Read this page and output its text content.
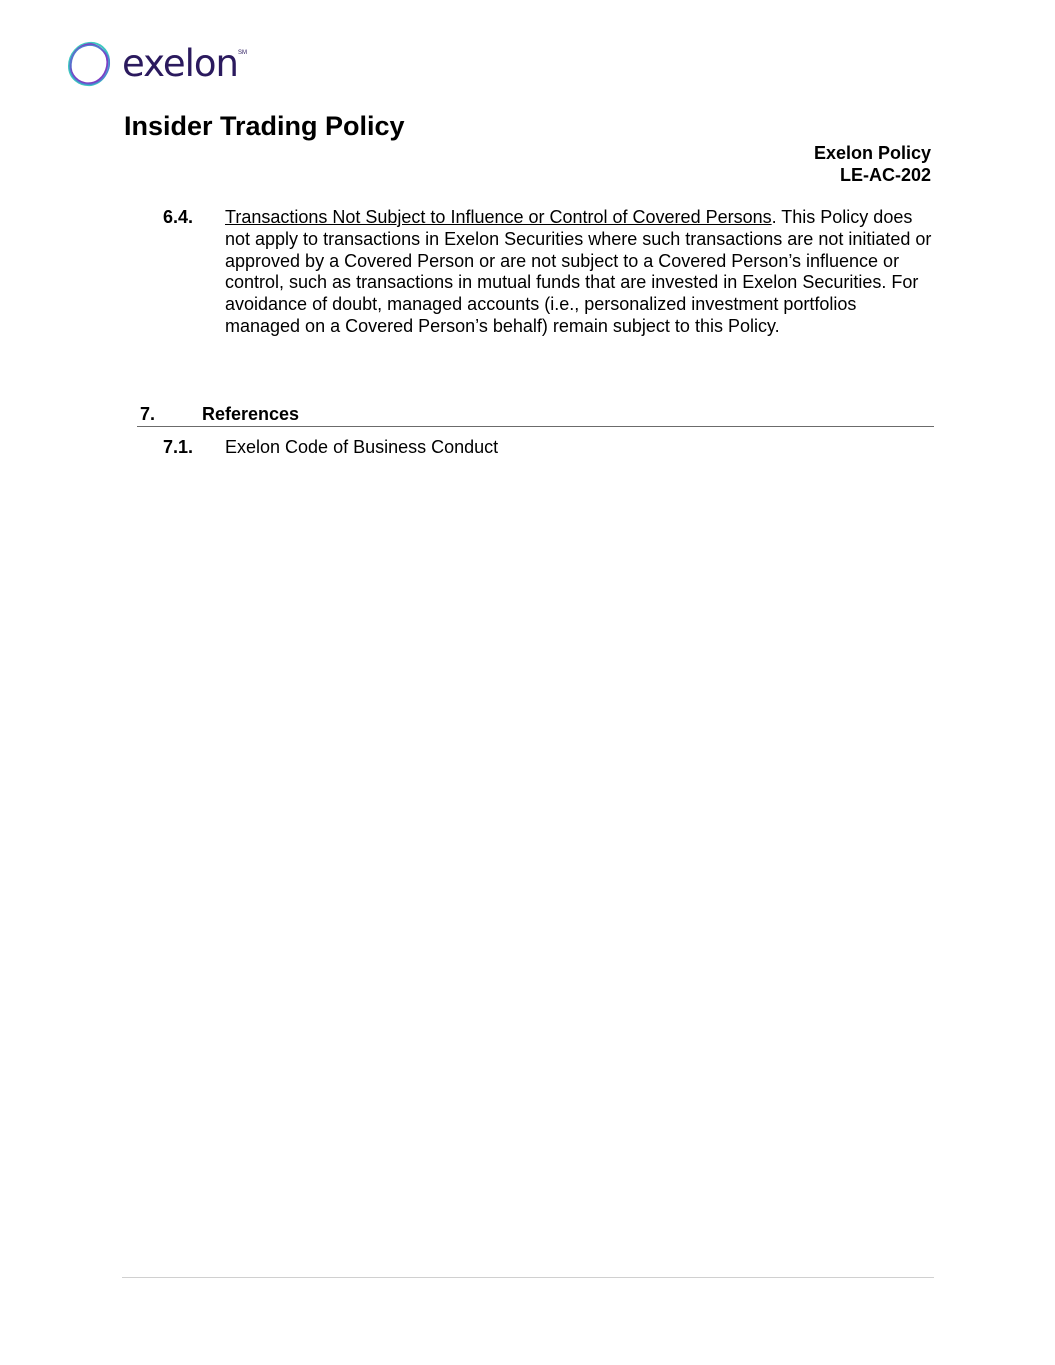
exelon SM
Insider Trading Policy
Exelon Policy
LE-AC-202
6.4. Transactions Not Subject to Influence or Control of Covered Persons. This Policy does not apply to transactions in Exelon Securities where such transactions are not initiated or approved by a Covered Person or are not subject to a Covered Person’s influence or control, such as transactions in mutual funds that are invested in Exelon Securities. For avoidance of doubt, managed accounts (i.e., personalized investment portfolios managed on a Covered Person’s behalf) remain subject to this Policy.
7.	References
7.1. Exelon Code of Business Conduct
